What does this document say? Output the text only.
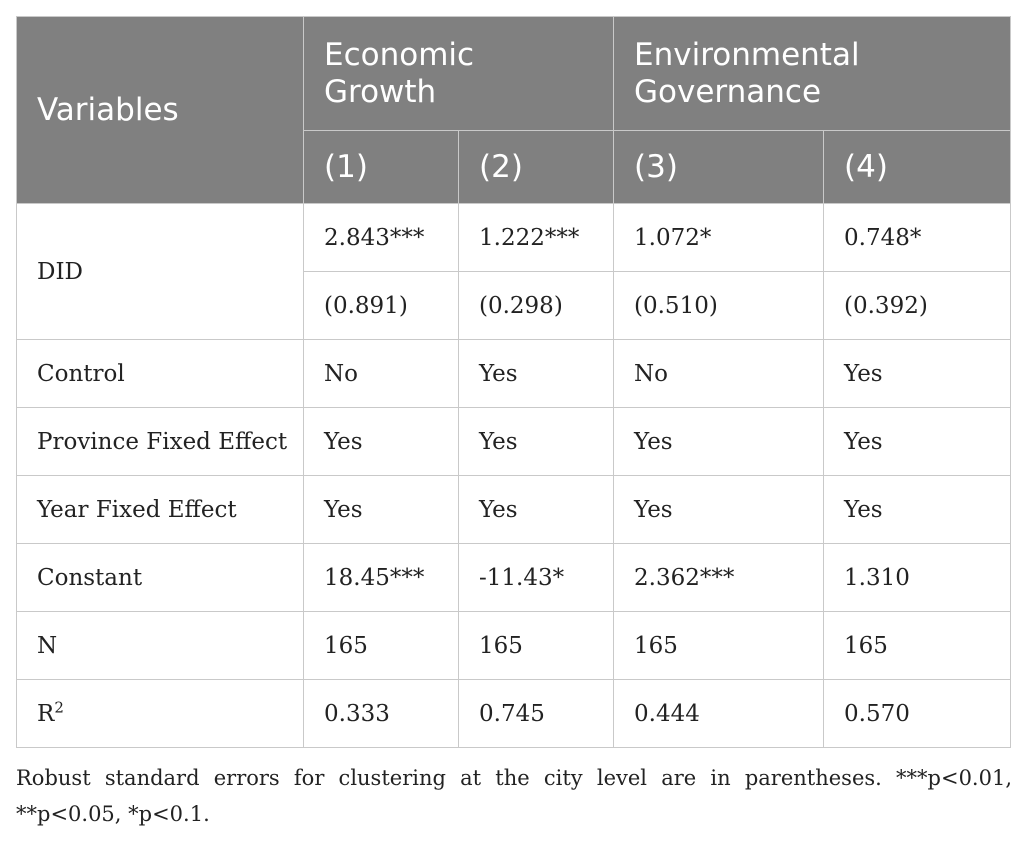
Variables	Economic Growth		Environmental Governance	
	(1)	(2)	(3)	(4)
DID	2.843***	1.222***	1.072*	0.748*
	(0.891)	(0.298)	(0.510)	(0.392)
Control	No	Yes	No	Yes
Province Fixed Effect	Yes	Yes	Yes	Yes
Year Fixed Effect	Yes	Yes	Yes	Yes
Constant	18.45***	-11.43*	2.362***	1.310
N	165	165	165	165
$R^2$	0.333	0.745	0.444	0.570

Robust standard errors for clustering at the city level are in parentheses. ***p<0.01, **p<0.05, *p<0.1.
